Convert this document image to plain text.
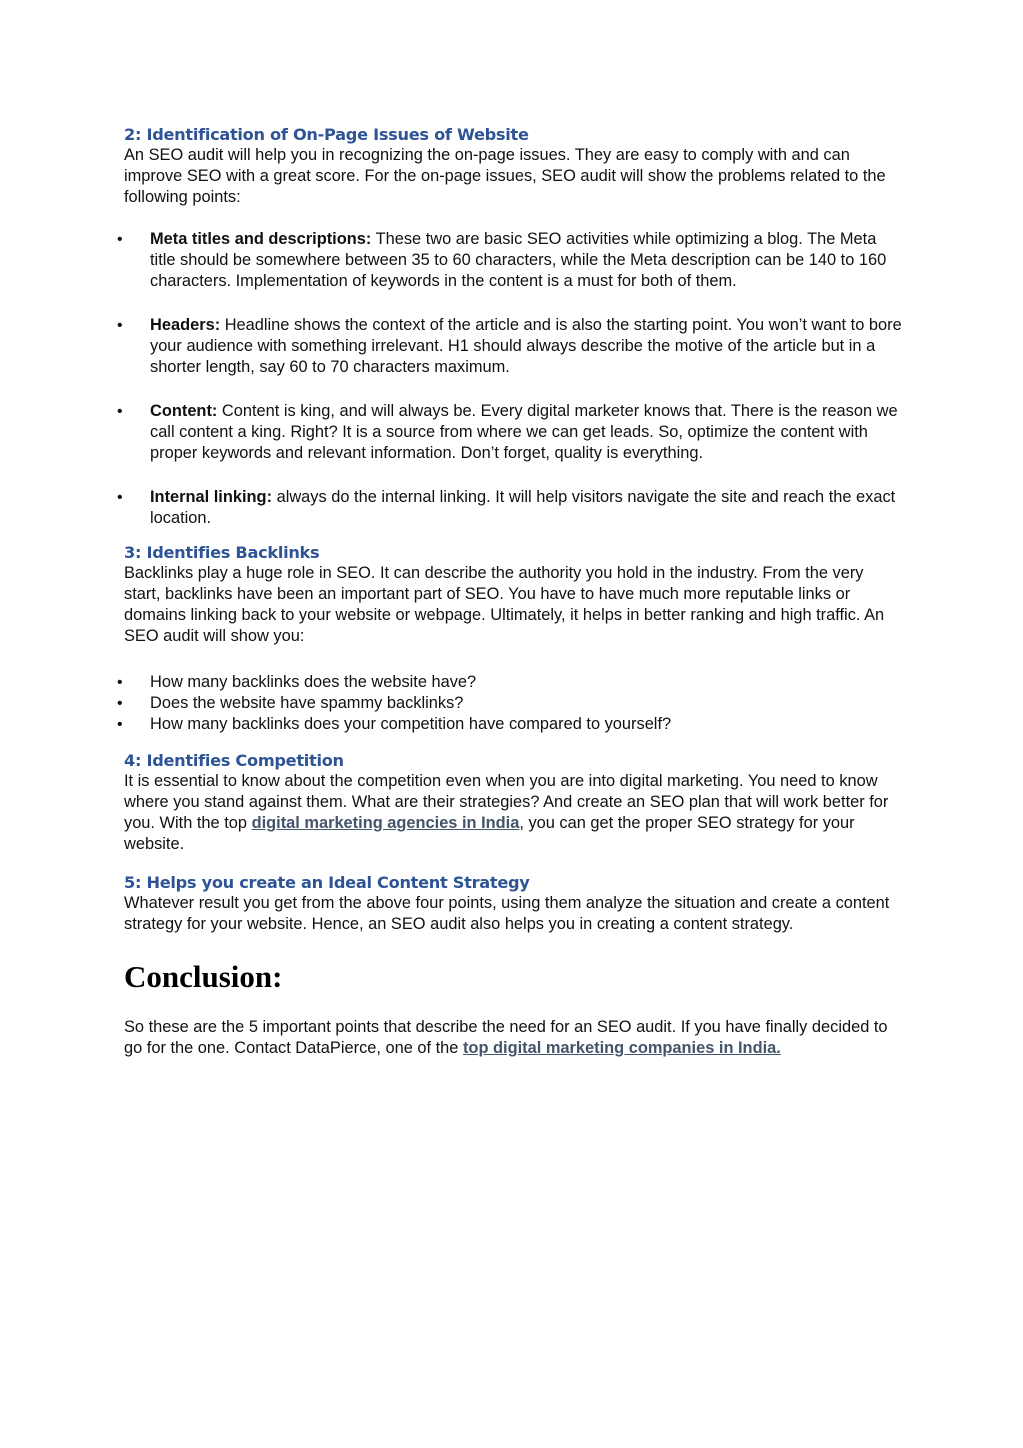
2: Identification of On-Page Issues of Website

An SEO audit will help you in recognizing the on-page issues. They are easy to comply with and can improve SEO with a great score. For the on-page issues, SEO audit will show the problems related to the following points:

• Meta titles and descriptions: These two are basic SEO activities while optimizing a blog. The Meta title should be somewhere between 35 to 60 characters, while the Meta description can be 140 to 160 characters. Implementation of keywords in the content is a must for both of them.
• Headers: Headline shows the context of the article and is also the starting point. You won’t want to bore your audience with something irrelevant. H1 should always describe the motive of the article but in a shorter length, say 60 to 70 characters maximum.
• Content: Content is king, and will always be. Every digital marketer knows that. There is the reason we call content a king. Right? It is a source from where we can get leads. So, optimize the content with proper keywords and relevant information. Don’t forget, quality is everything.
• Internal linking: always do the internal linking. It will help visitors navigate the site and reach the exact location.
3: Identifies Backlinks

Backlinks play a huge role in SEO. It can describe the authority you hold in the industry. From the very start, backlinks have been an important part of SEO. You have to have much more reputable links or domains linking back to your website or webpage. Ultimately, it helps in better ranking and high traffic. An SEO audit will show you:

• How many backlinks does the website have?
• Does the website have spammy backlinks?
• How many backlinks does your competition have compared to yourself?
4: Identifies Competition

It is essential to know about the competition even when you are into digital marketing. You need to know where you stand against them. What are their strategies? And create an SEO plan that will work better for you. With the top digital marketing agencies in India, you can get the proper SEO strategy for your website.

5: Helps you create an Ideal Content Strategy

Whatever result you get from the above four points, using them analyze the situation and create a content strategy for your website. Hence, an SEO audit also helps you in creating a content strategy.

Conclusion:

So these are the 5 important points that describe the need for an SEO audit. If you have finally decided to go for the one. Contact DataPierce, one of the top digital marketing companies in India.
